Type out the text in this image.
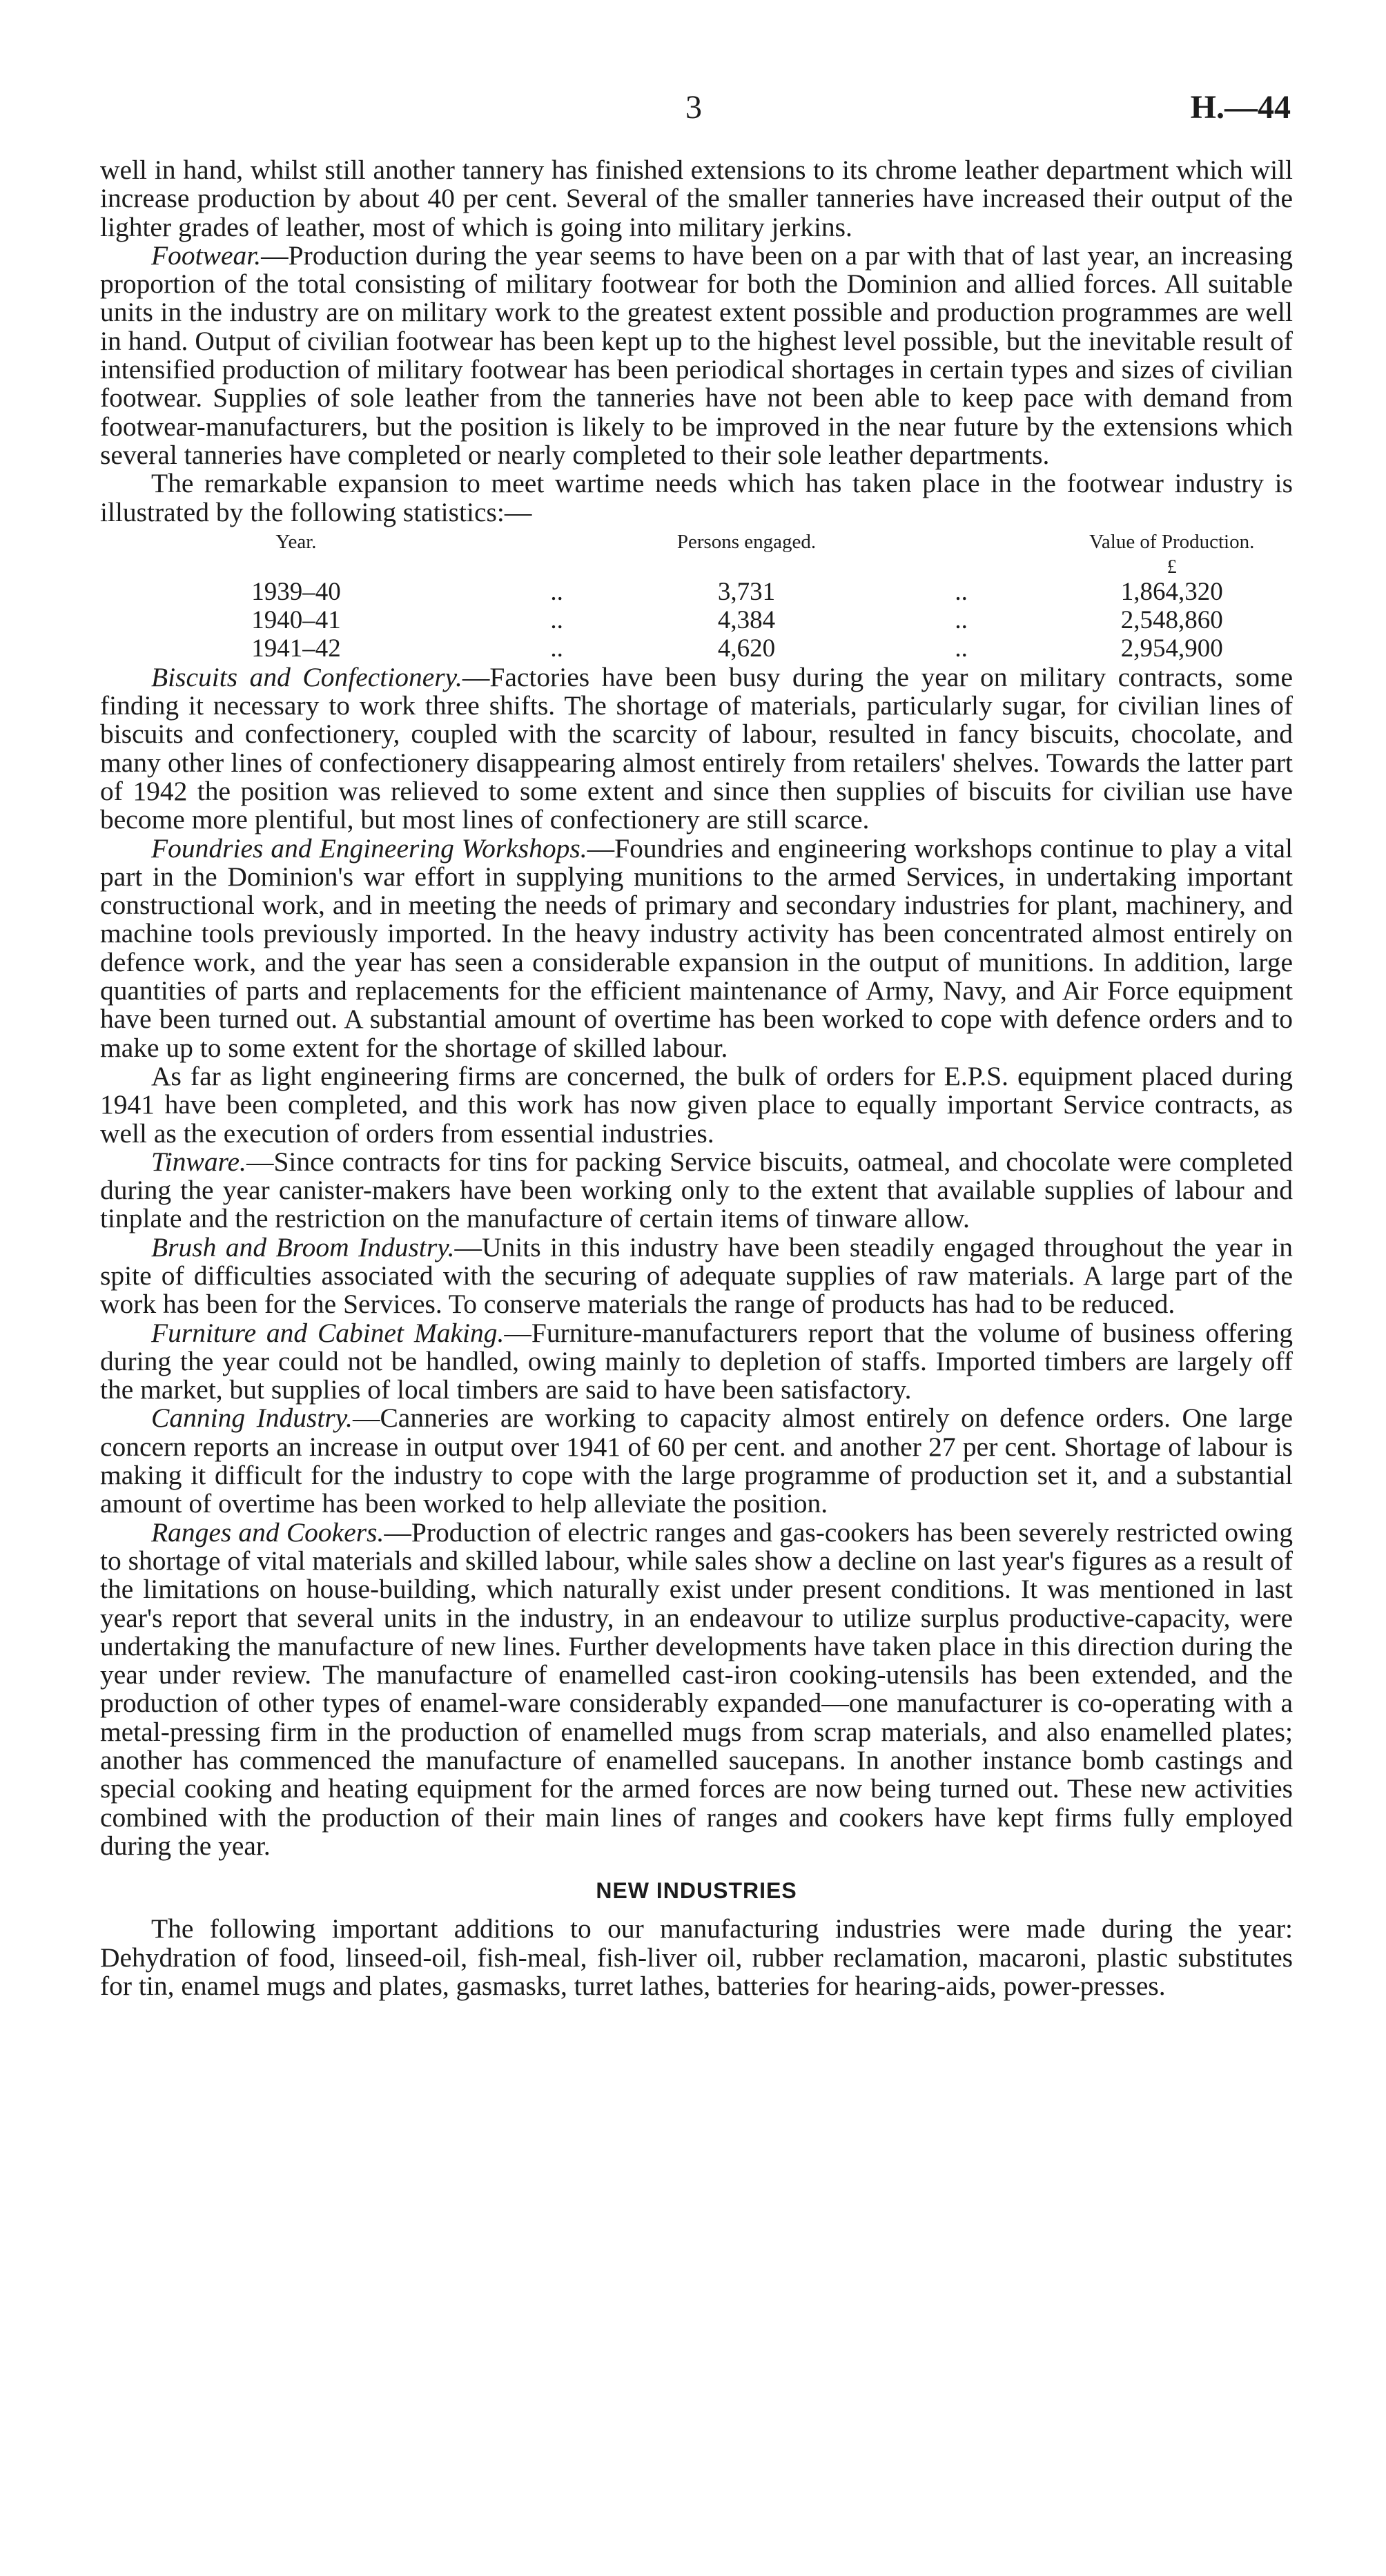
3	H.—44

well in hand, whilst still another tannery has finished extensions to its chrome leather department which will increase production by about 40 per cent. Several of the smaller tanneries have increased their output of the lighter grades of leather, most of which is going into military jerkins.

Footwear.—Production during the year seems to have been on a par with that of last year, an increasing proportion of the total consisting of military footwear for both the Dominion and allied forces. All suitable units in the industry are on military work to the greatest extent possible and production programmes are well in hand. Output of civilian footwear has been kept up to the highest level possible, but the inevitable result of intensified production of military footwear has been periodical shortages in certain types and sizes of civilian footwear. Supplies of sole leather from the tanneries have not been able to keep pace with demand from footwear-manufacturers, but the position is likely to be improved in the near future by the extensions which several tanneries have completed or nearly completed to their sole leather departments.

The remarkable expansion to meet wartime needs which has taken place in the footwear industry is illustrated by the following statistics:—

Year.		Persons engaged.		Value of Production.
				£
1939–40	..	3,731	..	1,864,320
1940–41	..	4,384	..	2,548,860
1941–42	..	4,620	..	2,954,900

Biscuits and Confectionery.—Factories have been busy during the year on military contracts, some finding it necessary to work three shifts. The shortage of materials, particularly sugar, for civilian lines of biscuits and confectionery, coupled with the scarcity of labour, resulted in fancy biscuits, chocolate, and many other lines of confectionery disappearing almost entirely from retailers' shelves. Towards the latter part of 1942 the position was relieved to some extent and since then supplies of biscuits for civilian use have become more plentiful, but most lines of confectionery are still scarce.

Foundries and Engineering Workshops.—Foundries and engineering workshops continue to play a vital part in the Dominion's war effort in supplying munitions to the armed Services, in undertaking important constructional work, and in meeting the needs of primary and secondary industries for plant, machinery, and machine tools previously imported. In the heavy industry activity has been concentrated almost entirely on defence work, and the year has seen a considerable expansion in the output of munitions. In addition, large quantities of parts and replacements for the efficient maintenance of Army, Navy, and Air Force equipment have been turned out. A substantial amount of overtime has been worked to cope with defence orders and to make up to some extent for the shortage of skilled labour.

As far as light engineering firms are concerned, the bulk of orders for E.P.S. equipment placed during 1941 have been completed, and this work has now given place to equally important Service contracts, as well as the execution of orders from essential industries.

Tinware.—Since contracts for tins for packing Service biscuits, oatmeal, and chocolate were completed during the year canister-makers have been working only to the extent that available supplies of labour and tinplate and the restriction on the manufacture of certain items of tinware allow.

Brush and Broom Industry.—Units in this industry have been steadily engaged throughout the year in spite of difficulties associated with the securing of adequate supplies of raw materials. A large part of the work has been for the Services. To conserve materials the range of products has had to be reduced.

Furniture and Cabinet Making.—Furniture-manufacturers report that the volume of business offering during the year could not be handled, owing mainly to depletion of staffs. Imported timbers are largely off the market, but supplies of local timbers are said to have been satisfactory.

Canning Industry.—Canneries are working to capacity almost entirely on defence orders. One large concern reports an increase in output over 1941 of 60 per cent. and another 27 per cent. Shortage of labour is making it difficult for the industry to cope with the large programme of production set it, and a substantial amount of overtime has been worked to help alleviate the position.

Ranges and Cookers.—Production of electric ranges and gas-cookers has been severely restricted owing to shortage of vital materials and skilled labour, while sales show a decline on last year's figures as a result of the limitations on house-building, which naturally exist under present conditions. It was mentioned in last year's report that several units in the industry, in an endeavour to utilize surplus productive-capacity, were undertaking the manufacture of new lines. Further developments have taken place in this direction during the year under review. The manufacture of enamelled cast-iron cooking-utensils has been extended, and the production of other types of enamel-ware considerably expanded—one manufacturer is co-operating with a metal-pressing firm in the production of enamelled mugs from scrap materials, and also enamelled plates; another has commenced the manufacture of enamelled saucepans. In another instance bomb castings and special cooking and heating equipment for the armed forces are now being turned out. These new activities combined with the production of their main lines of ranges and cookers have kept firms fully employed during the year.

NEW INDUSTRIES

The following important additions to our manufacturing industries were made during the year: Dehydration of food, linseed-oil, fish-meal, fish-liver oil, rubber reclamation, macaroni, plastic substitutes for tin, enamel mugs and plates, gasmasks, turret lathes, batteries for hearing-aids, power-presses.
